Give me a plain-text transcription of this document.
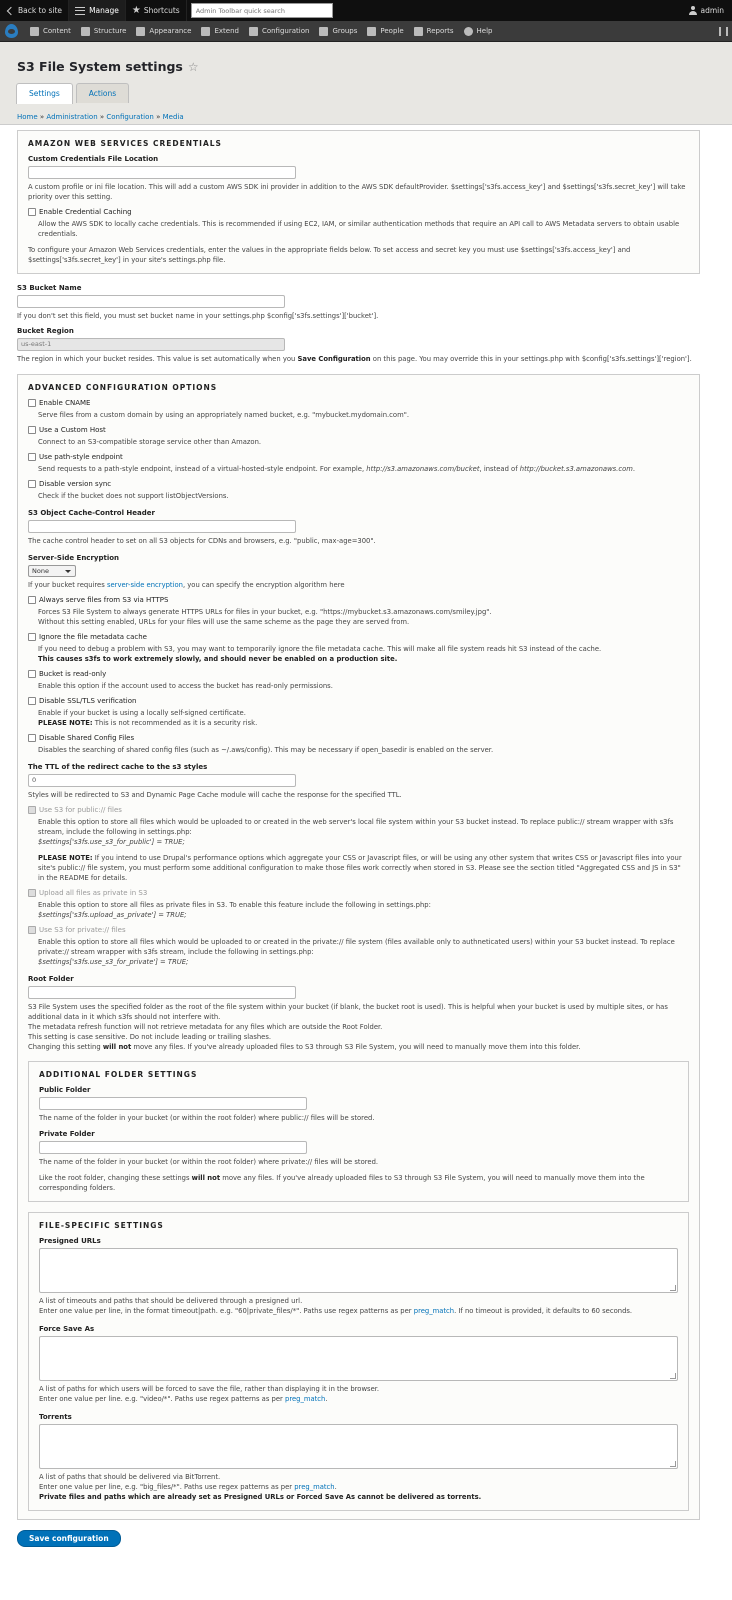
Back to site	Manage ★ Shortcuts	Admin Toolbar quick search	admin
Content	Structure	Appearance	Extend	Configuration	Groups	People	Reports	Help
S3 File System settings ☆
Settings	Actions
Home » Administration » Configuration » Media
AMAZON WEB SERVICES CREDENTIALS
Custom Credentials File Location
A custom profile or ini file location. This will add a custom AWS SDK ini provider in addition to the AWS SDK defaultProvider. $settings['s3fs.access_key'] and $settings['s3fs.secret_key'] will take priority over this setting.
Enable Credential Caching
Allow the AWS SDK to locally cache credentials. This is recommended if using EC2, IAM, or similar authentication methods that require an API call to AWS Metadata servers to obtain usable credentials.
To configure your Amazon Web Services credentials, enter the values in the appropriate fields below. To set access and secret key you must use $settings['s3fs.access_key'] and $settings['s3fs.secret_key'] in your site's settings.php file.
S3 Bucket Name
If you don't set this field, you must set bucket name in your settings.php $config['s3fs.settings']['bucket'].
Bucket Region
us-east-1
The region in which your bucket resides. This value is set automatically when you Save Configuration on this page. You may override this in your settings.php with $config['s3fs.settings']['region'].
ADVANCED CONFIGURATION OPTIONS
Enable CNAME
Serve files from a custom domain by using an appropriately named bucket, e.g. "mybucket.mydomain.com".
Use a Custom Host
Connect to an S3-compatible storage service other than Amazon.
Use path-style endpoint
Send requests to a path-style endpoint, instead of a virtual-hosted-style endpoint. For example, http://s3.amazonaws.com/bucket, instead of http://bucket.s3.amazonaws.com.
Disable version sync
Check if the bucket does not support listObjectVersions.
S3 Object Cache-Control Header
The cache control header to set on all S3 objects for CDNs and browsers, e.g. "public, max-age=300".
Server-Side Encryption
None
If your bucket requires server-side encryption, you can specify the encryption algorithm here
Always serve files from S3 via HTTPS
Forces S3 File System to always generate HTTPS URLs for files in your bucket, e.g. "https://mybucket.s3.amazonaws.com/smiley.jpg".
Without this setting enabled, URLs for your files will use the same scheme as the page they are served from.
Ignore the file metadata cache
If you need to debug a problem with S3, you may want to temporarily ignore the file metadata cache. This will make all file system reads hit S3 instead of the cache.
This causes s3fs to work extremely slowly, and should never be enabled on a production site.
Bucket is read-only
Enable this option if the account used to access the bucket has read-only permissions.
Disable SSL/TLS verification
Enable if your bucket is using a locally self-signed certificate.
PLEASE NOTE: This is not recommended as it is a security risk.
Disable Shared Config Files
Disables the searching of shared config files (such as ~/.aws/config). This may be necessary if open_basedir is enabled on the server.
The TTL of the redirect cache to the s3 styles
0
Styles will be redirected to S3 and Dynamic Page Cache module will cache the response for the specified TTL.
Use S3 for public:// files
Enable this option to store all files which would be uploaded to or created in the web server's local file system within your S3 bucket instead. To replace public:// stream wrapper with s3fs stream, include the following in settings.php:
$settings['s3fs.use_s3_for_public'] = TRUE;
PLEASE NOTE: If you intend to use Drupal's performance options which aggregate your CSS or Javascript files, or will be using any other system that writes CSS or Javascript files into your site's public:// file system, you must perform some additional configuration to make those files work correctly when stored in S3. Please see the section titled "Aggregated CSS and JS in S3" in the README for details.
Upload all files as private in S3
Enable this option to store all files as private files in S3. To enable this feature include the following in settings.php:
$settings['s3fs.upload_as_private'] = TRUE;
Use S3 for private:// files
Enable this option to store all files which would be uploaded to or created in the private:// file system (files available only to authneticated users) within your S3 bucket instead. To replace private:// stream wrapper with s3fs stream, include the following in settings.php:
$settings['s3fs.use_s3_for_private'] = TRUE;
Root Folder
S3 File System uses the specified folder as the root of the file system within your bucket (if blank, the bucket root is used). This is helpful when your bucket is used by multiple sites, or has additional data in it which s3fs should not interfere with.
The metadata refresh function will not retrieve metadata for any files which are outside the Root Folder.
This setting is case sensitive. Do not include leading or trailing slashes.
Changing this setting will not move any files. If you've already uploaded files to S3 through S3 File System, you will need to manually move them into this folder.
ADDITIONAL FOLDER SETTINGS
Public Folder
The name of the folder in your bucket (or within the root folder) where public:// files will be stored.
Private Folder
The name of the folder in your bucket (or within the root folder) where private:// files will be stored.
Like the root folder, changing these settings will not move any files. If you've already uploaded files to S3 through S3 File System, you will need to manually move them into the corresponding folders.
FILE-SPECIFIC SETTINGS
Presigned URLs
A list of timeouts and paths that should be delivered through a presigned url.
Enter one value per line, in the format timeout|path. e.g. "60|private_files/*". Paths use regex patterns as per preg_match. If no timeout is provided, it defaults to 60 seconds.
Force Save As
A list of paths for which users will be forced to save the file, rather than displaying it in the browser.
Enter one value per line. e.g. "video/*". Paths use regex patterns as per preg_match.
Torrents
A list of paths that should be delivered via BitTorrent.
Enter one value per line, e.g. "big_files/*". Paths use regex patterns as per preg_match.
Private files and paths which are already set as Presigned URLs or Forced Save As cannot be delivered as torrents.
Save configuration
